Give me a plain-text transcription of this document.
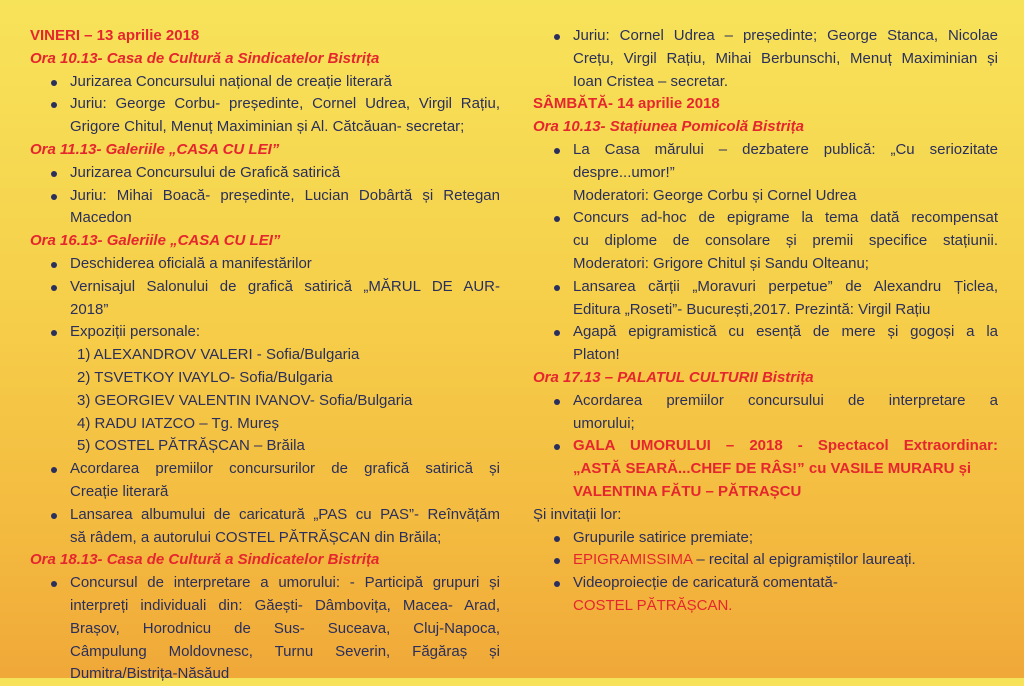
VINERI – 13 aprilie 2018
Ora 10.13- Casa de Cultură a Sindicatelor Bistrița
Jurizarea Concursului național de creație literară
Juriu: George Corbu- președinte, Cornel Udrea, Virgil Rațiu,
Grigore Chitul, Menuț Maximinian și Al. Cătcăuan- secretar;
Ora 11.13- Galeriile „CASA CU LEI”
Jurizarea Concursului de Grafică satirică
Juriu: Mihai Boacă- președinte, Lucian Dobârtă și Retegan
Macedon
Ora 16.13- Galeriile „CASA CU LEI”
Deschiderea oficială a manifestărilor
Vernisajul Salonului de grafică satirică „MĂRUL DE AUR-
2018”
Expoziții personale:
1) ALEXANDROV VALERI - Sofia/Bulgaria
2) TSVETKOY IVAYLO- Sofia/Bulgaria
3) GEORGIEV VALENTIN IVANOV- Sofia/Bulgaria
4) RADU IATZCO – Tg. Mureș
5) COSTEL PĂTRĂȘCAN – Brăila
Acordarea premiilor concursurilor de grafică satirică și
Creație literară
Lansarea albumului de caricatură „PAS cu PAS”- Reînvățăm
să râdem, a autorului COSTEL PĂTRĂȘCAN din Brăila;
Ora 18.13- Casa de Cultură a Sindicatelor Bistrița
Concursul de interpretare a umorului: - Participă grupuri și
interpreți individuali din: Găești- Dâmbovița, Macea- Arad,
Brașov, Horodnicu de Sus- Suceava, Cluj-Napoca,
Câmpulung Moldovnesc, Turnu Severin, Făgăraș și
Dumitra/Bistrița-Năsăud
Juriu: Cornel Udrea – președinte; George Stanca, Nicolae
Crețu, Virgil Rațiu, Mihai Berbunschi, Menuț Maximinian și
Ioan Cristea – secretar.
SÂMBĂTĂ- 14 aprilie 2018
Ora 10.13- Stațiunea Pomicolă Bistrița
La Casa mărului – dezbatere publică: „Cu seriozitate
despre...umor!”
Moderatori: George Corbu și Cornel Udrea
Concurs ad-hoc de epigrame la tema dată recompensat
cu diplome de consolare și premii specifice stațiunii.
Moderatori: Grigore Chitul și Sandu Olteanu;
Lansarea cărții „Moravuri perpetue” de Alexandru Țiclea,
Editura „Roseti”- București,2017. Prezintă: Virgil Rațiu
Agapă epigramistică cu esență de mere și gogoși a la
Platon!
Ora 17.13 – PALATUL CULTURII Bistrița
Acordarea premiilor concursului de interpretare a
umorului;
GALA UMORULUI – 2018 - Spectacol Extraordinar:
„ASTĂ SEARĂ...CHEF DE RÂS!” cu VASILE MURARU și
VALENTINA FĂTU – PĂTRAȘCU
Și invitații lor:
Grupurile satirice premiate;
EPIGRAMISSIMA – recital al epigramiștilor laureați.
Videoproiecție de caricatură comentată-
COSTEL PĂTRĂȘCAN.
